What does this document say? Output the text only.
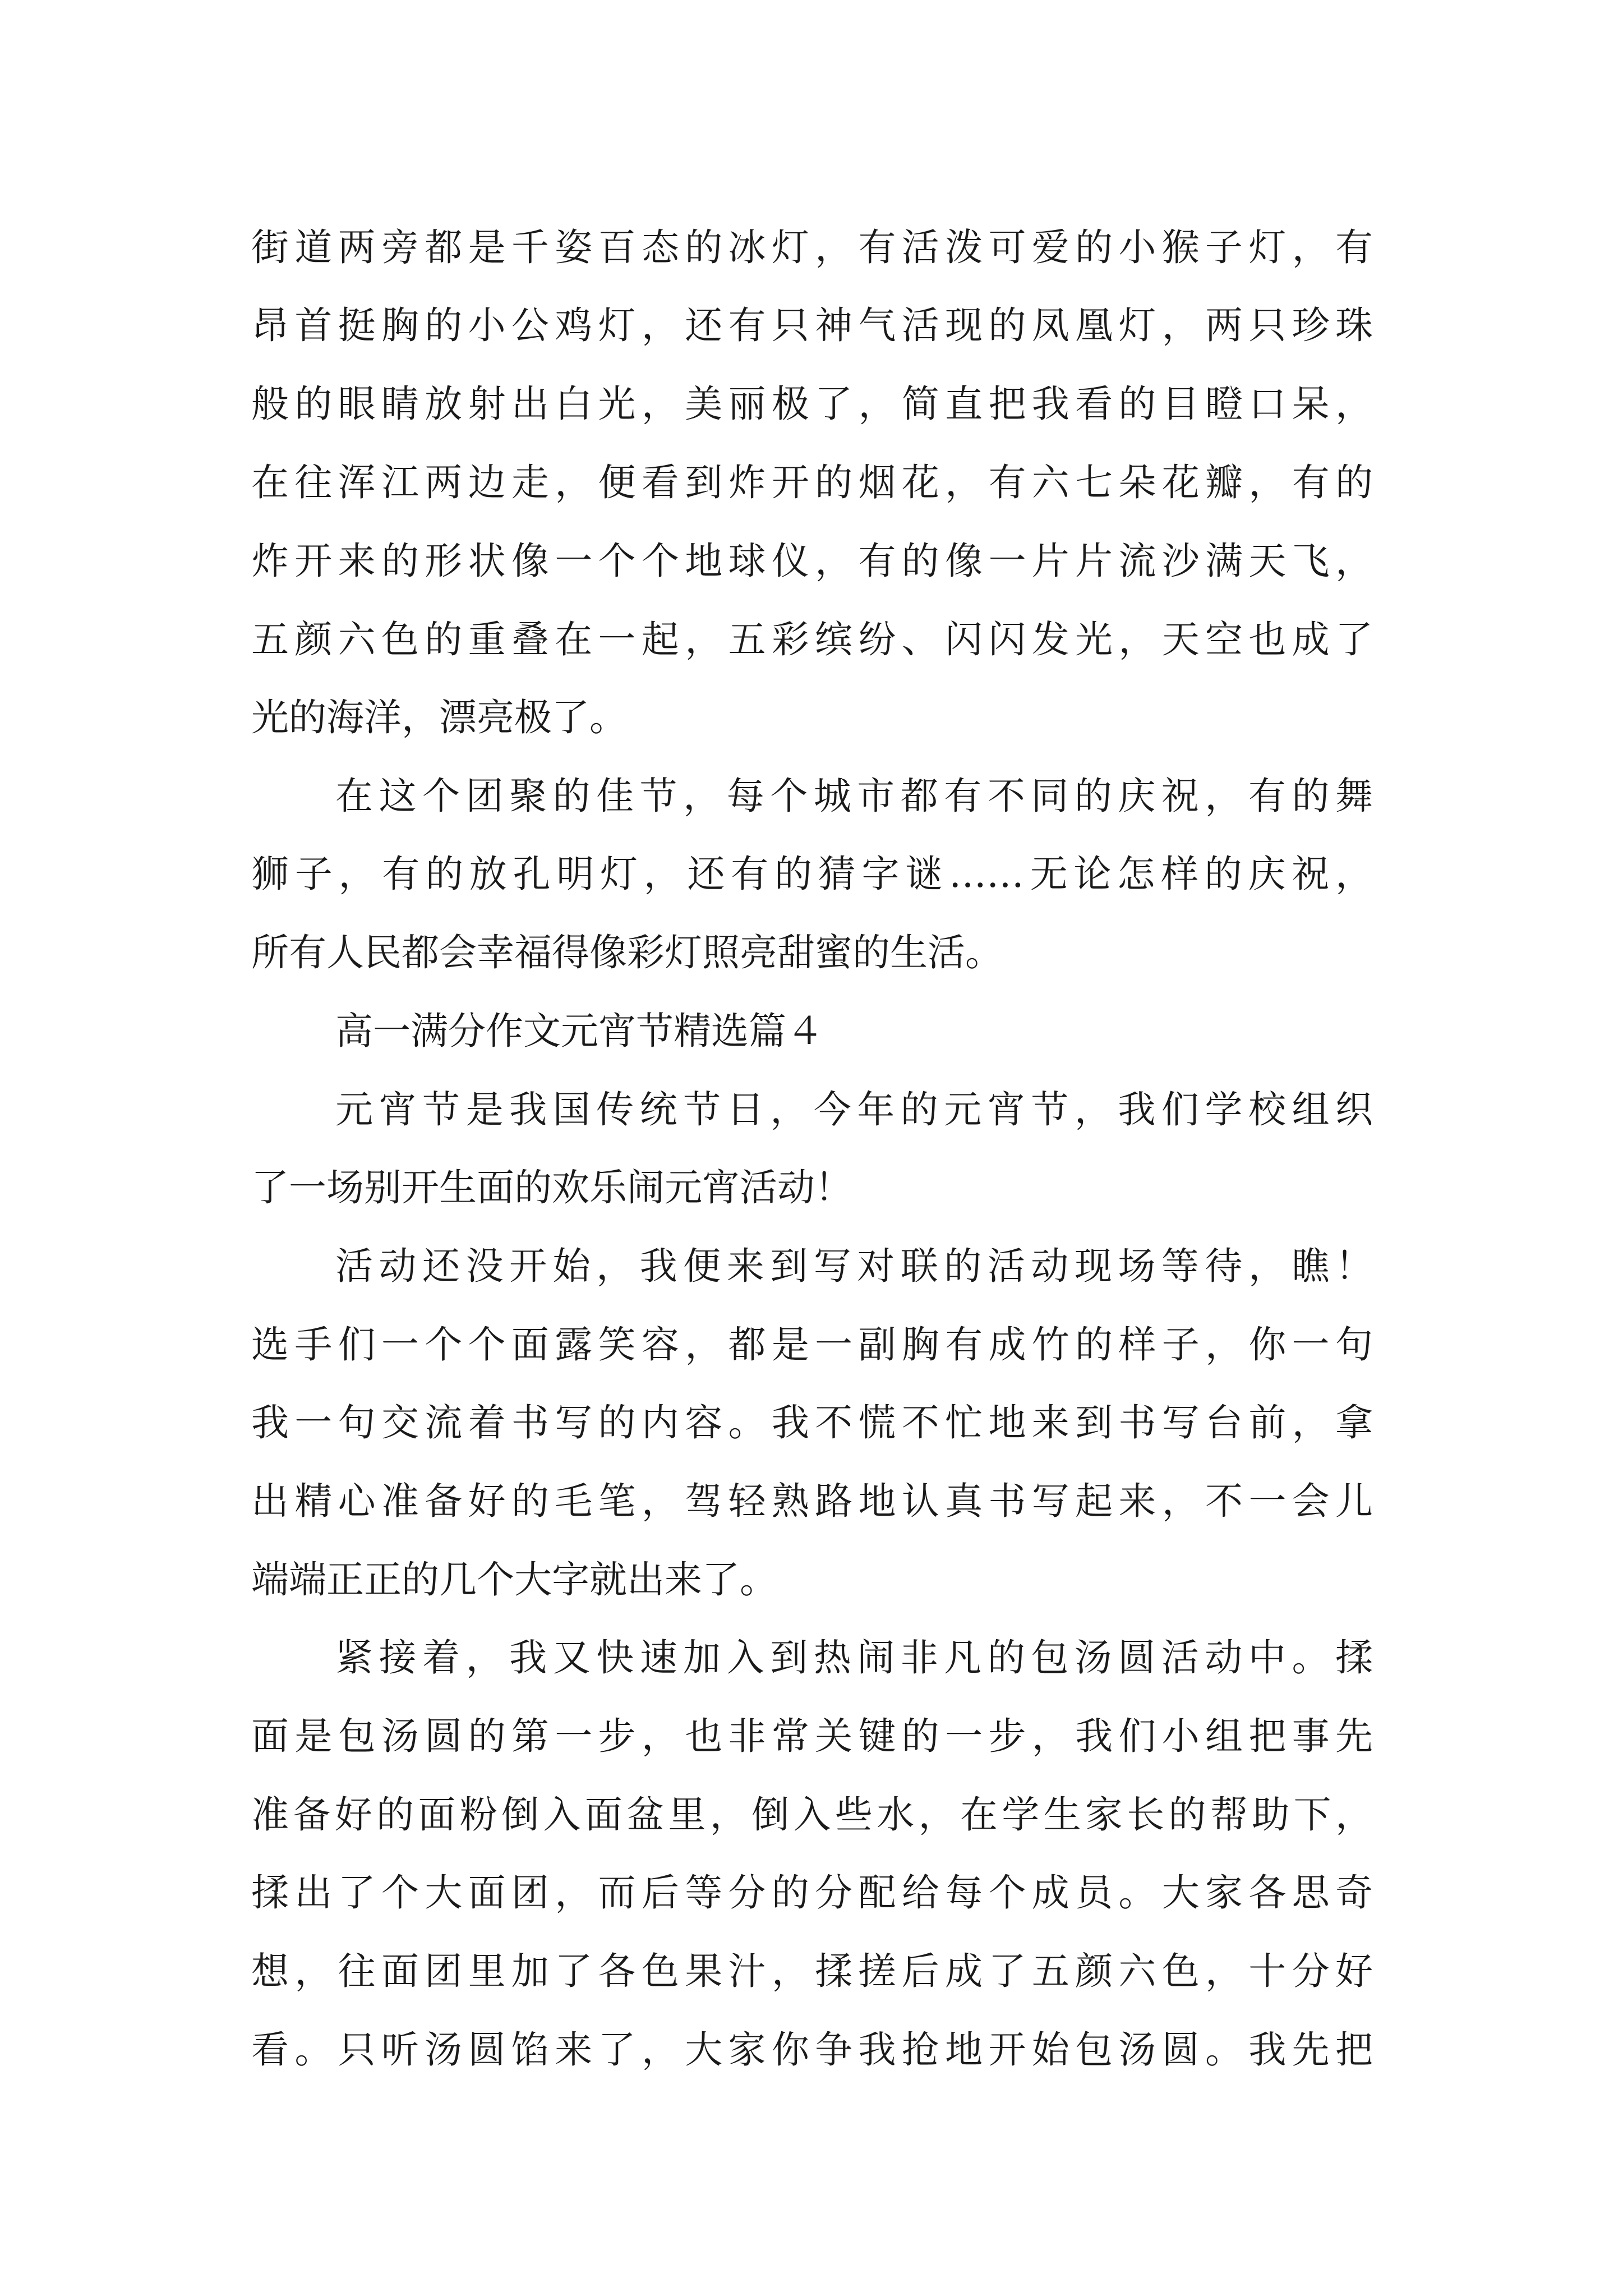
街道两旁都是千姿百态的冰灯，有活泼可爱的小猴子灯，有

昂首挺胸的小公鸡灯，还有只神气活现的凤凰灯，两只珍珠

般的眼睛放射出白光，美丽极了，简直把我看的目瞪口呆，

在往浑江两边走，便看到炸开的烟花，有六七朵花瓣，有的

炸开来的形状像一个个地球仪，有的像一片片流沙满天飞，

五颜六色的重叠在一起，五彩缤纷、闪闪发光，天空也成了

光的海洋，漂亮极了。

在这个团聚的佳节，每个城市都有不同的庆祝，有的舞

狮子，有的放孔明灯，还有的猜字谜……无论怎样的庆祝，

所有人民都会幸福得像彩灯照亮甜蜜的生活。

高一满分作文元宵节精选篇４

元宵节是我国传统节日，今年的元宵节，我们学校组织

了一场别开生面的欢乐闹元宵活动！

活动还没开始，我便来到写对联的活动现场等待，瞧！

选手们一个个面露笑容，都是一副胸有成竹的样子，你一句

我一句交流着书写的内容。我不慌不忙地来到书写台前，拿

出精心准备好的毛笔，驾轻熟路地认真书写起来，不一会儿

端端正正的几个大字就出来了。

紧接着，我又快速加入到热闹非凡的包汤圆活动中。揉

面是包汤圆的第一步，也非常关键的一步，我们小组把事先

准备好的面粉倒入面盆里，倒入些水，在学生家长的帮助下，

揉出了个大面团，而后等分的分配给每个成员。大家各思奇

想，往面团里加了各色果汁，揉搓后成了五颜六色，十分好

看。只听汤圆馅来了，大家你争我抢地开始包汤圆。我先把
